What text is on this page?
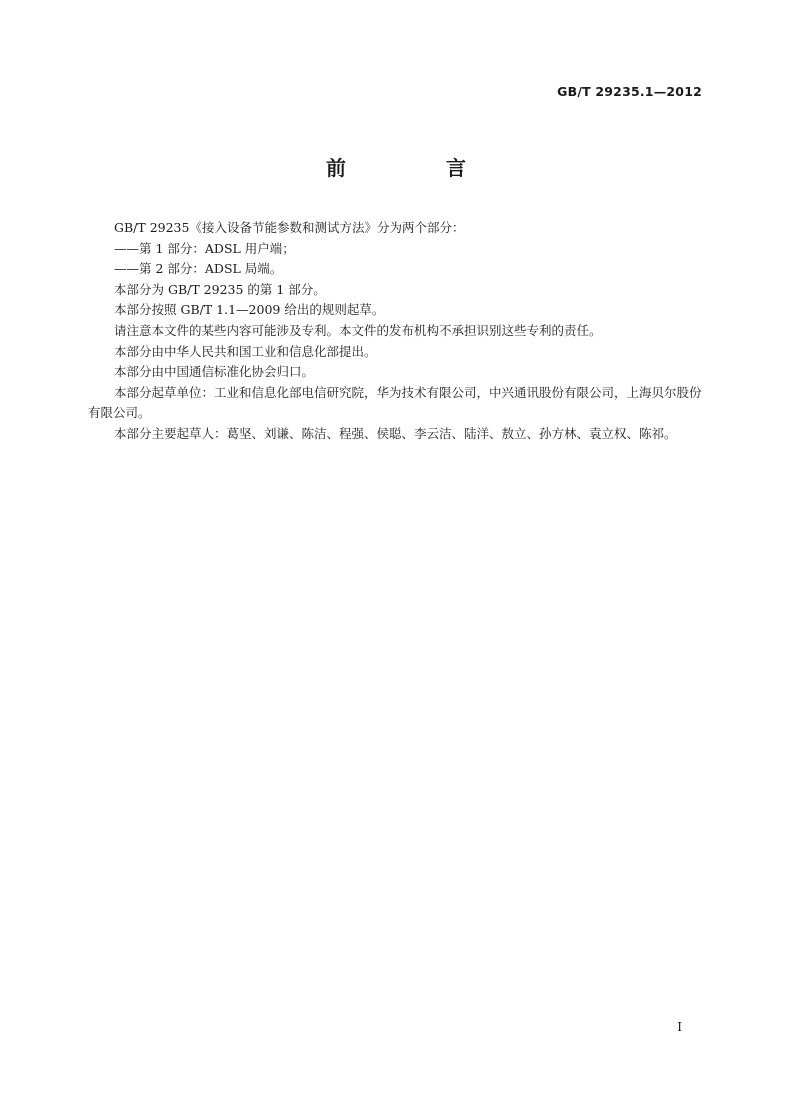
GB/T 29235.1—2012
前　言

GB/T 29235《接入设备节能参数和测试方法》分为两个部分：

——第 1 部分：ADSL 用户端；

——第 2 部分：ADSL 局端。

本部分为 GB/T 29235 的第 1 部分。

本部分按照 GB/T 1.1—2009 给出的规则起草。

请注意本文件的某些内容可能涉及专利。本文件的发布机构不承担识别这些专利的责任。

本部分由中华人民共和国工业和信息化部提出。

本部分由中国通信标准化协会归口。

本部分起草单位：工业和信息化部电信研究院，华为技术有限公司，中兴通讯股份有限公司，上海贝尔股份有限公司。

本部分主要起草人：葛坚、刘谦、陈洁、程强、侯聪、李云洁、陆洋、敖立、孙方林、袁立权、陈祁。

I
